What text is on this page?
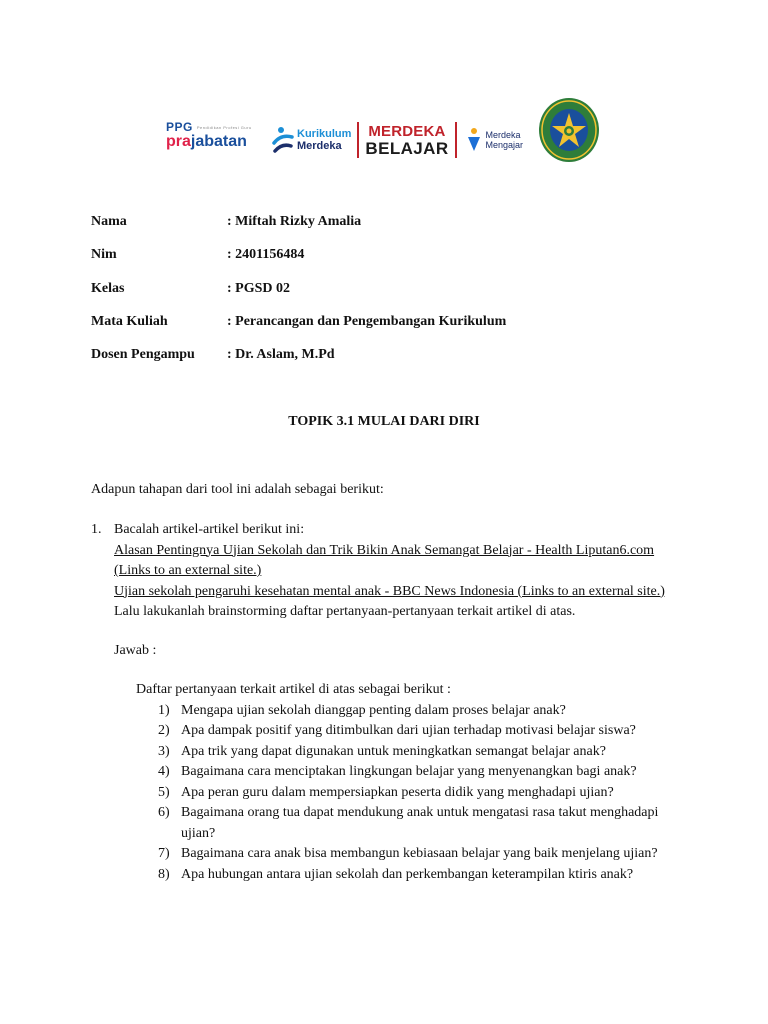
PPG Pendidikan Profesi Guru
prajabatan	Kurikulum
Merdeka
MERDEKA
BELAJAR
Merdeka
Mengajar
Nama	: Miftah Rizky Amalia
Nim	: 2401156484
Kelas	: PGSD 02
Mata Kuliah	: Perancangan dan Pengembangan Kurikulum
Dosen Pengampu	: Dr. Aslam, M.Pd
TOPIK 3.1 MULAI DARI DIRI
Adapun tahapan dari tool ini adalah sebagai berikut:
1. Bacalah artikel-artikel berikut ini:
Alasan Pentingnya Ujian Sekolah dan Trik Bikin Anak Semangat Belajar - Health Liputan6.com (Links to an external site.)
Ujian sekolah pengaruhi kesehatan mental anak - BBC News Indonesia (Links to an external site.)
Lalu lakukanlah brainstorming daftar pertanyaan-pertanyaan terkait artikel di atas.
Jawab :
Daftar pertanyaan terkait artikel di atas sebagai berikut :
1) Mengapa ujian sekolah dianggap penting dalam proses belajar anak?
2) Apa dampak positif yang ditimbulkan dari ujian terhadap motivasi belajar siswa?
3) Apa trik yang dapat digunakan untuk meningkatkan semangat belajar anak?
4) Bagaimana cara menciptakan lingkungan belajar yang menyenangkan bagi anak?
5) Apa peran guru dalam mempersiapkan peserta didik yang menghadapi ujian?
6) Bagaimana orang tua dapat mendukung anak untuk mengatasi rasa takut menghadapi ujian?
7) Bagaimana cara anak bisa membangun kebiasaan belajar yang baik menjelang ujian?
8) Apa hubungan antara ujian sekolah dan perkembangan keterampilan ktiris anak?
